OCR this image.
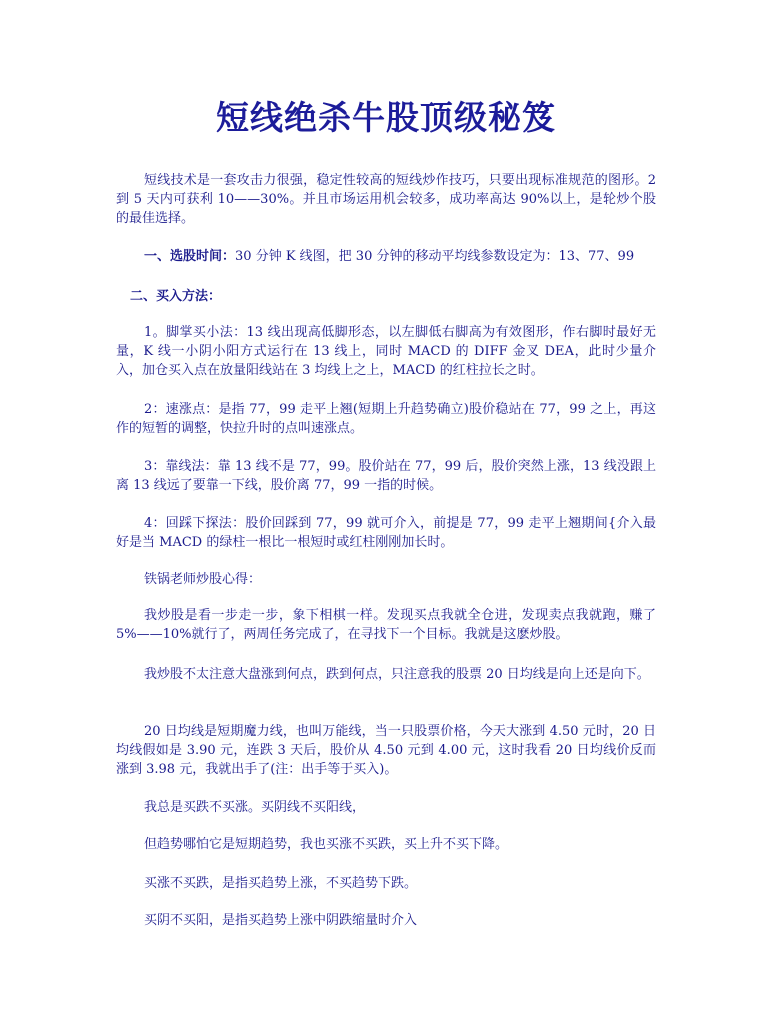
短线绝杀牛股顶级秘笈

短线技术是一套攻击力很强，稳定性较高的短线炒作技巧，只要出现标准规范的图形。2 到 5 天内可获利 10——30%。并且市场运用机会较多，成功率高达 90%以上，是轮炒个股的最佳选择。

一、选股时间：30 分钟 K 线图，把 30 分钟的移动平均线参数设定为：13、77、99

二、买入方法：

1。脚掌买小法：13 线出现高低脚形态，以左脚低右脚高为有效图形，作右脚时最好无量，K 线一小阴小阳方式运行在 13 线上，同时 MACD 的 DIFF 金叉 DEA，此时少量介入，加仓买入点在放量阳线站在 3 均线上之上，MACD 的红柱拉长之时。

2：速涨点：是指 77，99 走平上翘(短期上升趋势确立)股价稳站在 77，99 之上，再这作的短暂的调整，快拉升时的点叫速涨点。

3：靠线法：靠 13 线不是 77，99。股价站在 77，99 后，股价突然上涨，13 线没跟上离 13 线远了要靠一下线，股价离 77，99 一指的时候。

4：回踩下探法：股价回踩到 77，99 就可介入，前提是 77，99 走平上翘期间{介入最好是当 MACD 的绿柱一根比一根短时或红柱刚刚加长时。

铁锅老师炒股心得：

我炒股是看一步走一步，象下相棋一样。发现买点我就全仓进，发现卖点我就跑，赚了 5%——10%就行了，两周任务完成了，在寻找下一个目标。我就是这麽炒股。

我炒股不太注意大盘涨到何点，跌到何点，只注意我的股票 20 日均线是向上还是向下。

20 日均线是短期魔力线，也叫万能线，当一只股票价格，今天大涨到 4.50 元时，20 日均线假如是 3.90 元，连跌 3 天后，股价从 4.50 元到 4.00 元，这时我看 20 日均线价反而涨到 3.98 元，我就出手了(注：出手等于买入)。

我总是买跌不买涨。买阴线不买阳线，

但趋势哪怕它是短期趋势，我也买涨不买跌，买上升不买下降。

买涨不买跌，是指买趋势上涨，不买趋势下跌。

买阴不买阳，是指买趋势上涨中阴跌缩量时介入
